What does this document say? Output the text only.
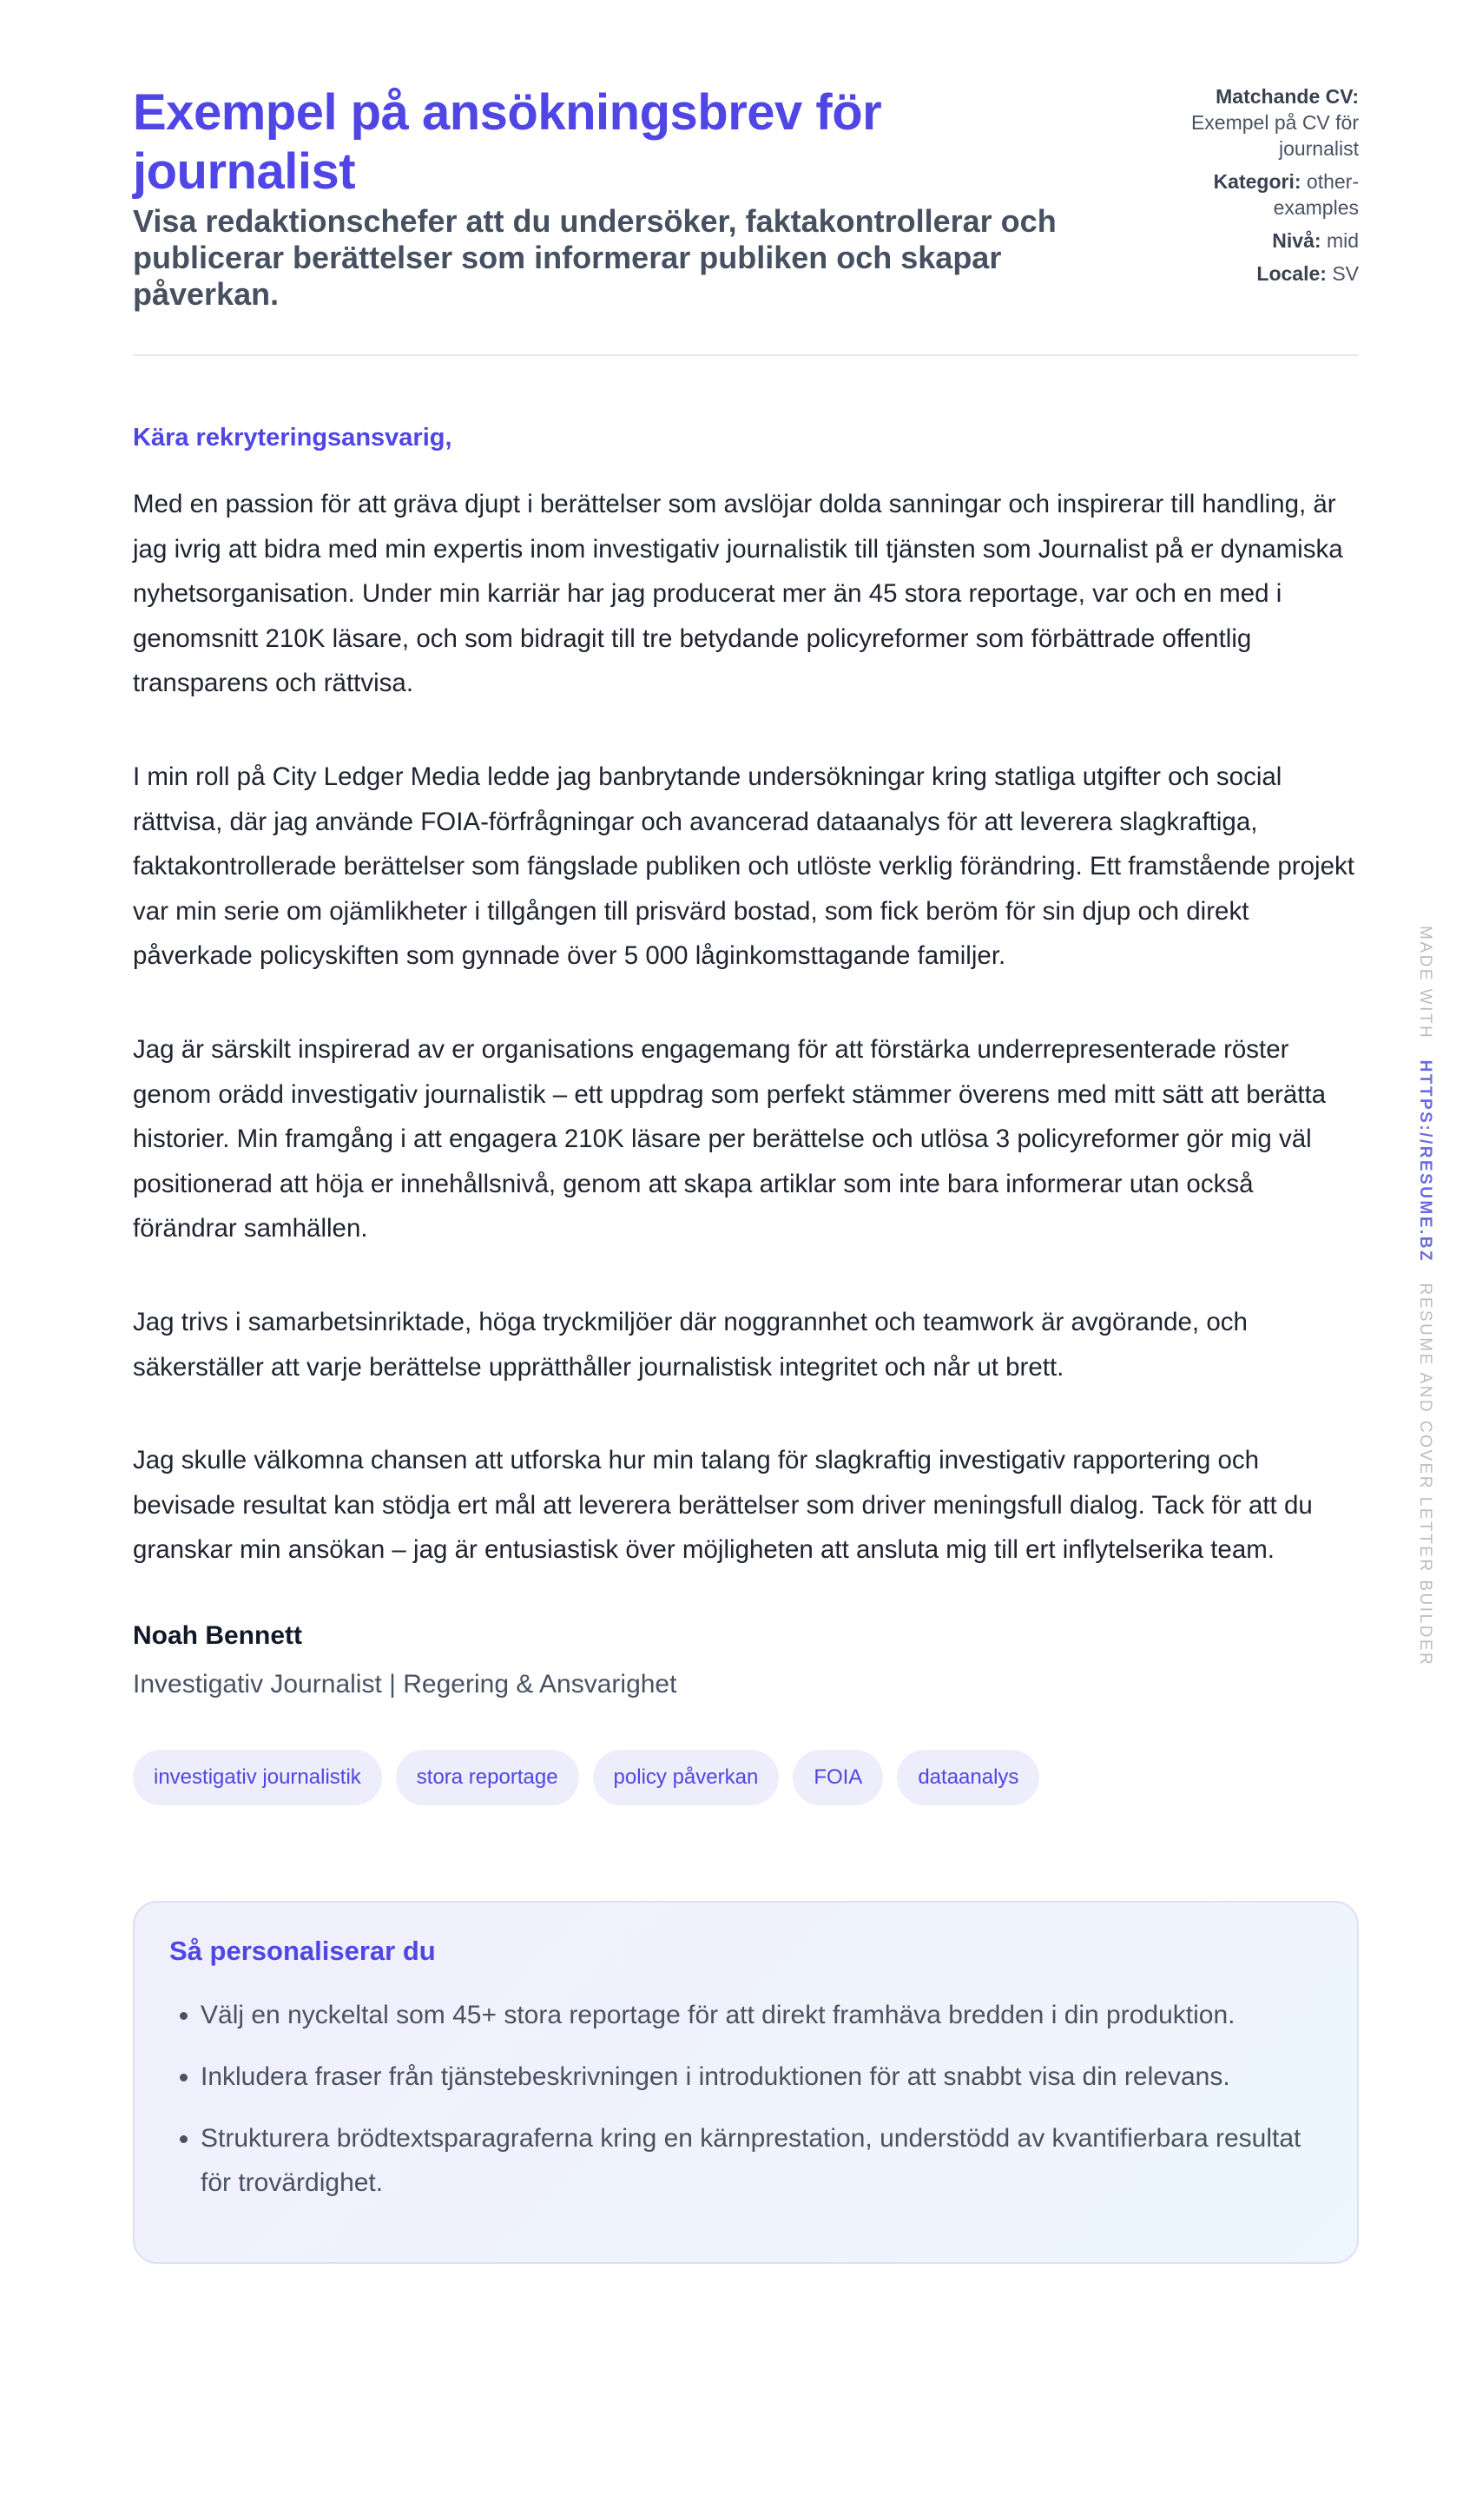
Exempel på ansökningsbrev för journalist
Visa redaktionschefer att du undersöker, faktakontrollerar och publicerar berättelser som informerar publiken och skapar påverkan.
Matchande CV:
Exempel på CV för journalist
Kategori: other-examples
Nivå: mid
Locale: SV
Kära rekryteringsansvarig,

Med en passion för att gräva djupt i berättelser som avslöjar dolda sanningar och inspirerar till handling, är jag ivrig att bidra med min expertis inom investigativ journalistik till tjänsten som Journalist på er dynamiska nyhetsorganisation. Under min karriär har jag producerat mer än 45 stora reportage, var och en med i genomsnitt 210K läsare, och som bidragit till tre betydande policyreformer som förbättrade offentlig transparens och rättvisa.

I min roll på City Ledger Media ledde jag banbrytande undersökningar kring statliga utgifter och social rättvisa, där jag använde FOIA-förfrågningar och avancerad dataanalys för att leverera slagkraftiga, faktakontrollerade berättelser som fängslade publiken och utlöste verklig förändring. Ett framstående projekt var min serie om ojämlikheter i tillgången till prisvärd bostad, som fick beröm för sin djup och direkt påverkade policyskiften som gynnade över 5 000 låginkomsttagande familjer.

Jag är särskilt inspirerad av er organisations engagemang för att förstärka underrepresenterade röster genom orädd investigativ journalistik – ett uppdrag som perfekt stämmer överens med mitt sätt att berätta historier. Min framgång i att engagera 210K läsare per berättelse och utlösa 3 policyreformer gör mig väl positionerad att höja er innehållsnivå, genom att skapa artiklar som inte bara informerar utan också förändrar samhällen.

Jag trivs i samarbetsinriktade, höga tryckmiljöer där noggrannhet och teamwork är avgörande, och säkerställer att varje berättelse upprätthåller journalistisk integritet och når ut brett.

Jag skulle välkomna chansen att utforska hur min talang för slagkraftig investigativ rapportering och bevisade resultat kan stödja ert mål att leverera berättelser som driver meningsfull dialog. Tack för att du granskar min ansökan – jag är entusiastisk över möjligheten att ansluta mig till ert inflytelserika team.

Noah Bennett
Investigativ Journalist | Regering & Ansvarighet
investigativ journalistik	stora reportage	policy påverkan	FOIA	dataanalys
Så personaliserar du
• Välj en nyckeltal som 45+ stora reportage för att direkt framhäva bredden i din produktion.
• Inkludera fraser från tjänstebeskrivningen i introduktionen för att snabbt visa din relevans.
• Strukturera brödtextsparagraferna kring en kärnprestation, understödd av kvantifierbara resultat för trovärdighet.
MADE WITH   HTTPS://RESUME.BZ   RESUME AND COVER LETTER BUILDER
